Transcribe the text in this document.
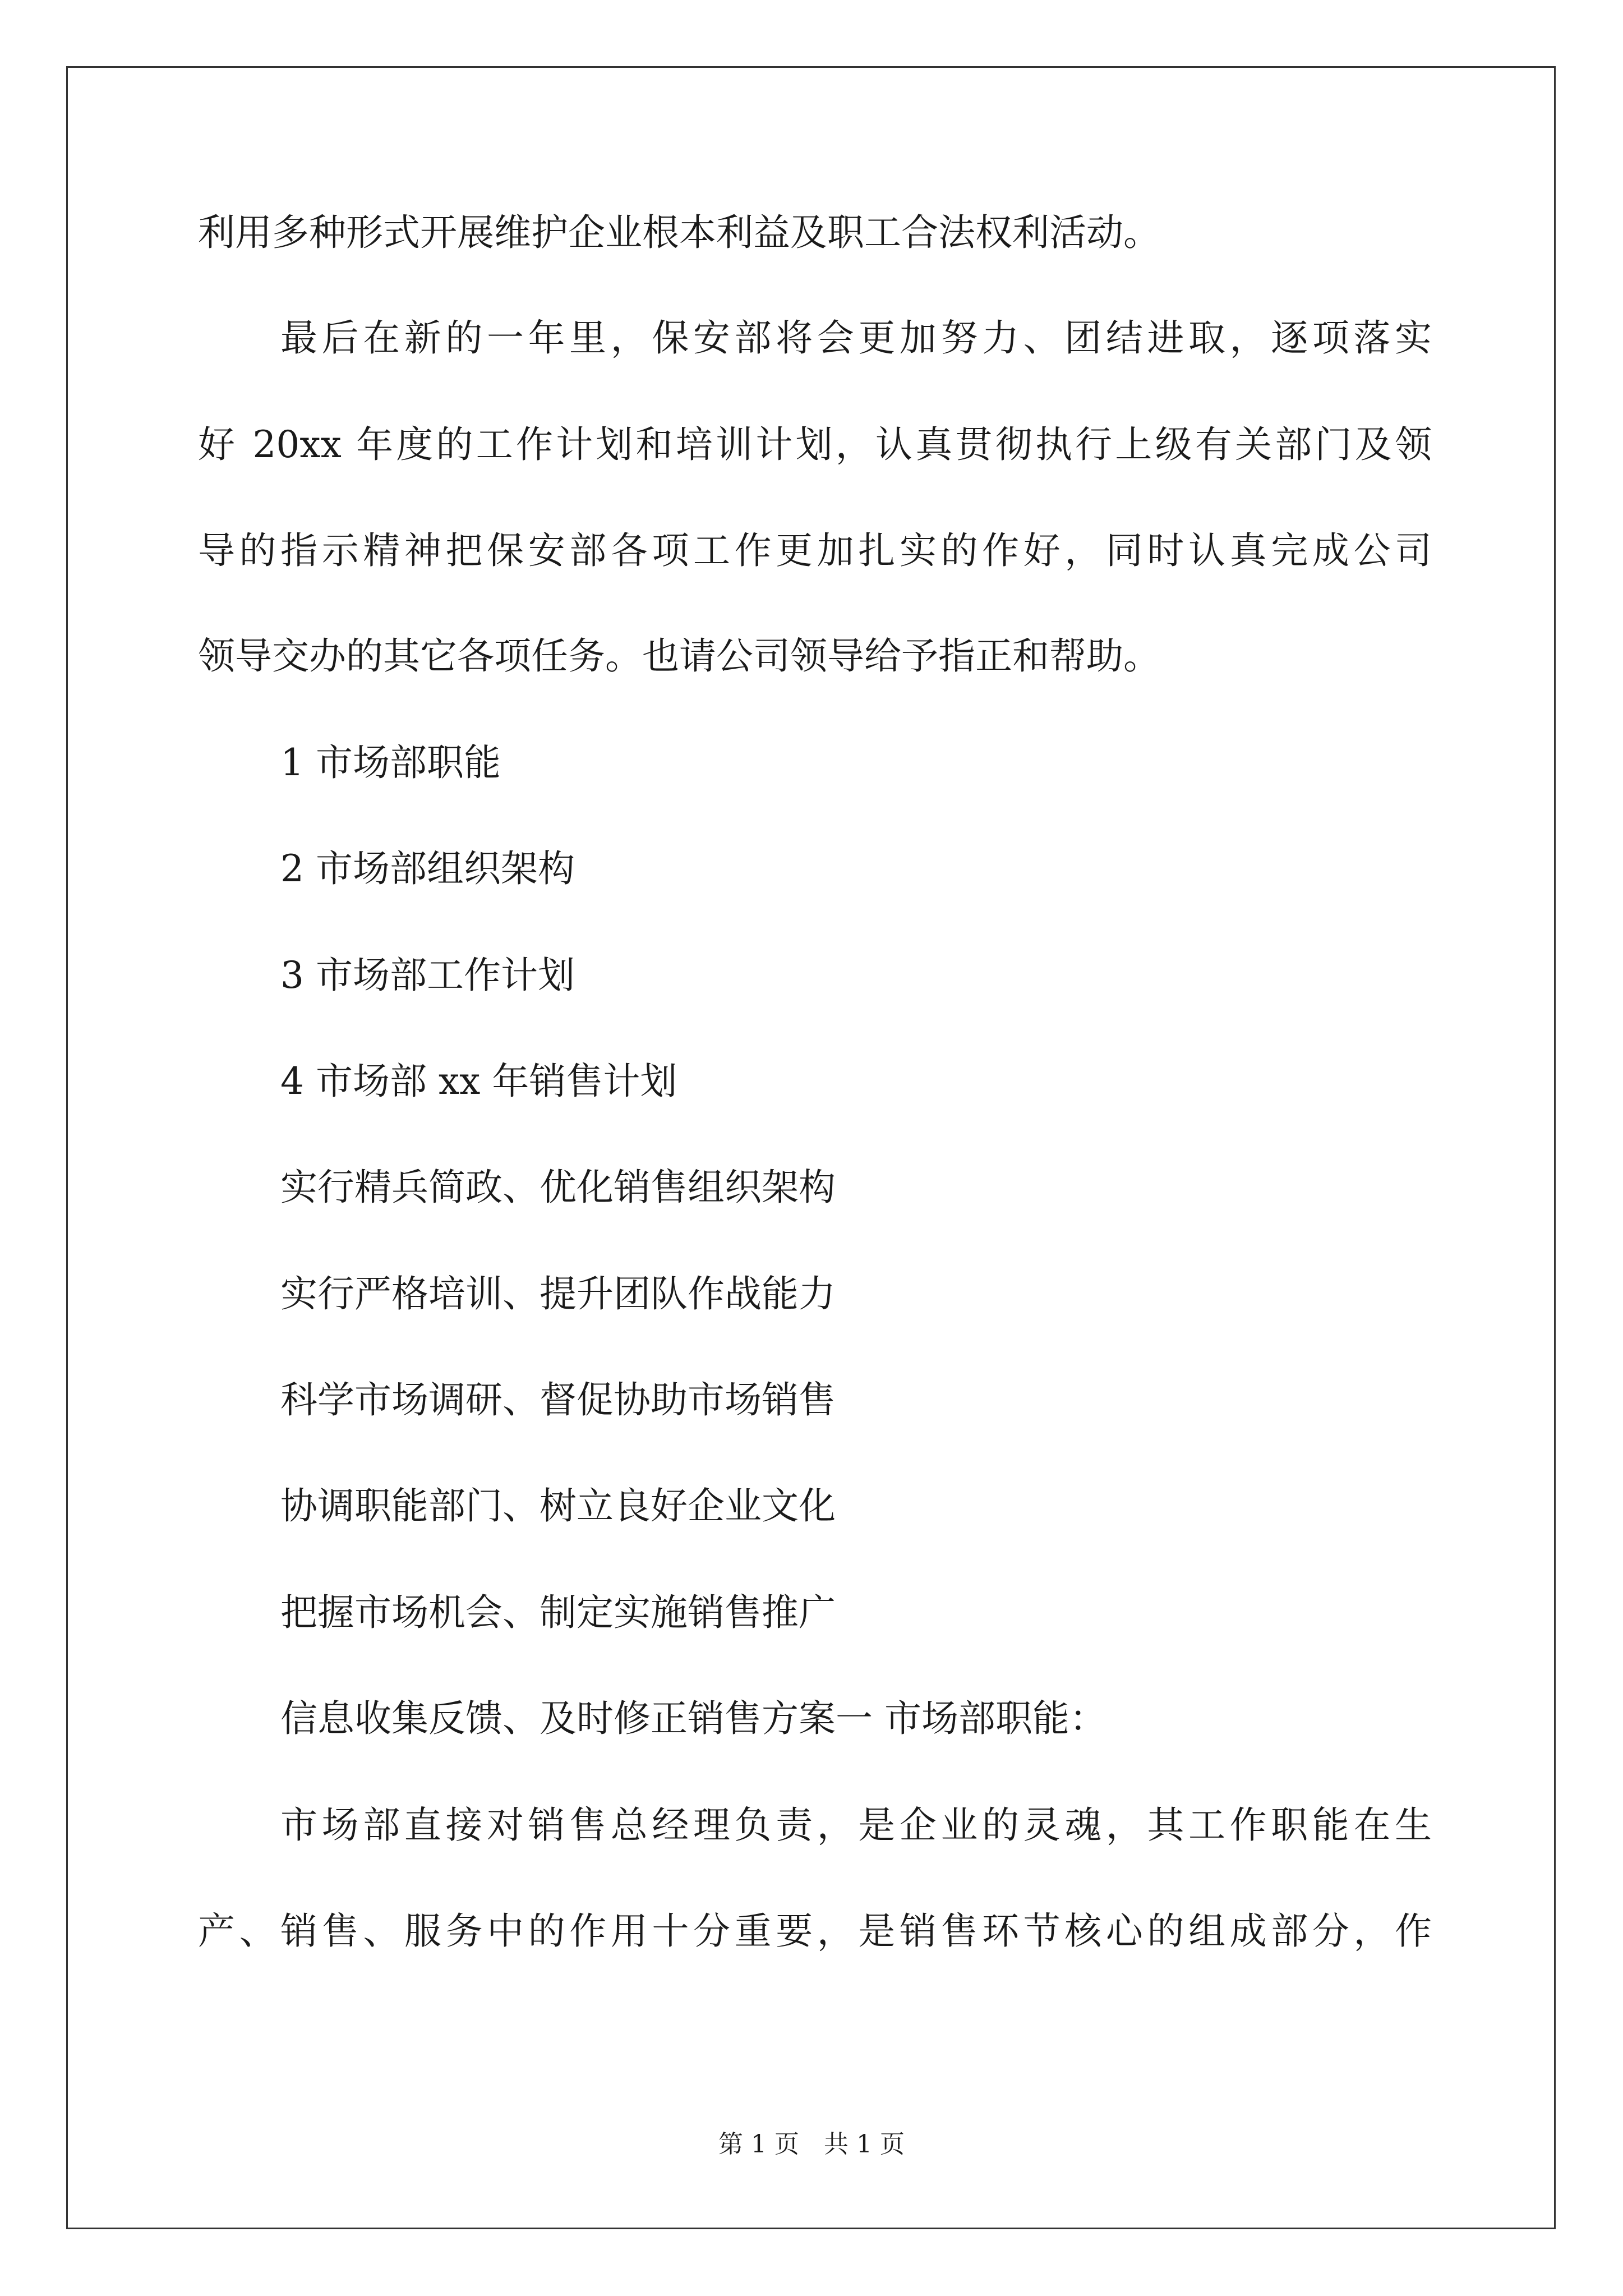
利用多种形式开展维护企业根本利益及职工合法权利活动。
最后在新的一年里，保安部将会更加努力、团结进取，逐项落实
好 20xx 年度的工作计划和培训计划，认真贯彻执行上级有关部门及领
导的指示精神把保安部各项工作更加扎实的作好，同时认真完成公司
领导交办的其它各项任务。也请公司领导给予指正和帮助。
1 市场部职能
2 市场部组织架构
3 市场部工作计划
4 市场部 xx 年销售计划
实行精兵简政、优化销售组织架构
实行严格培训、提升团队作战能力
科学市场调研、督促协助市场销售
协调职能部门、树立良好企业文化
把握市场机会、制定实施销售推广
信息收集反馈、及时修正销售方案一 市场部职能：
市场部直接对销售总经理负责，是企业的灵魂，其工作职能在生
产、销售、服务中的作用十分重要，是销售环节核心的组成部分，作
第 1 页　共 1 页
